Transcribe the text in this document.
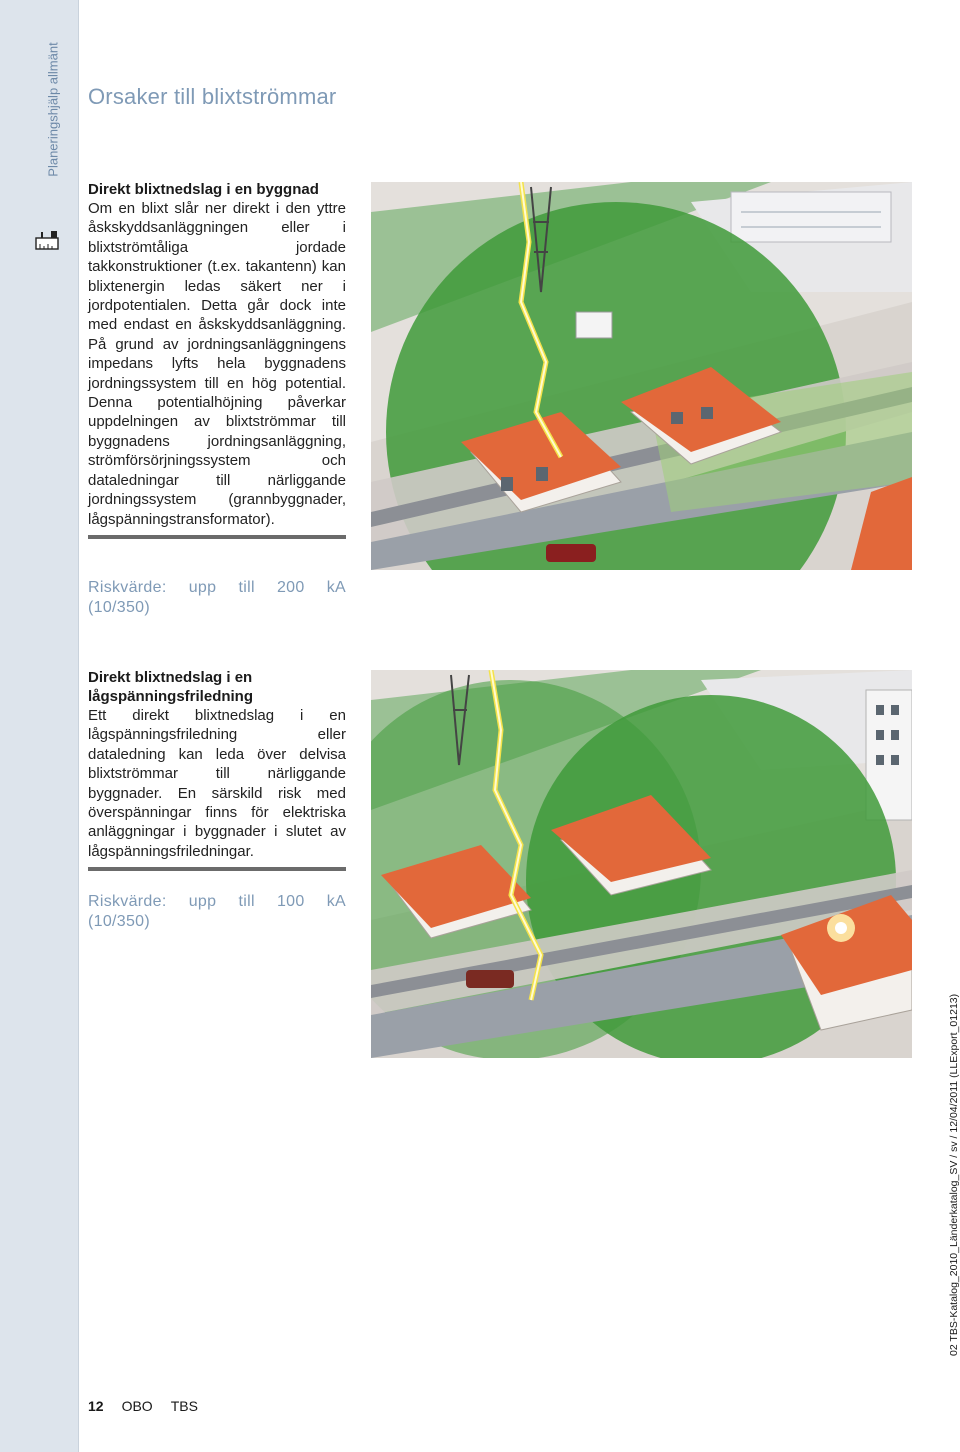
Planeringshjälp allmänt Orsaker till blixtströmmar
Direkt blixtnedslag i en byggnad

Om en blixt slår ner direkt i den yttre åskskyddsanläggningen eller i blixtströmtåliga jordade takkonstruktioner (t.ex. takantenn) kan blixtenergin ledas säkert ner i jordpotentialen. Detta går dock inte med endast en åskskyddsanläggning. På grund av jordningsanläggningens impedans lyfts hela byggnadens jordningssystem till en hög potential. Denna potentialhöjning påverkar uppdelningen av blixtströmmar till byggnadens jordningsanläggning, strömförsörjningssystem och dataledningar till närliggande jordningssystem (grannbyggnader, lågspänningstransformator).

Riskvärde: upp till 200 kA
(10/350)
Direkt blixtnedslag i en lågspänningsfriledning

Ett direkt blixtnedslag i en lågspänningsfriledning eller dataledning kan leda över delvisa blixtströmmar till närliggande byggnader. En särskild risk med överspänningar finns för elektriska anläggningar i byggnader i slutet av lågspänningsfriledningar.

Riskvärde: upp till 100 kA
(10/350)
12 OBO TBS
02 TBS-Katalog_2010_Länderkatalog_SV / sv / 12/04/2011 (LLExport_01213)
